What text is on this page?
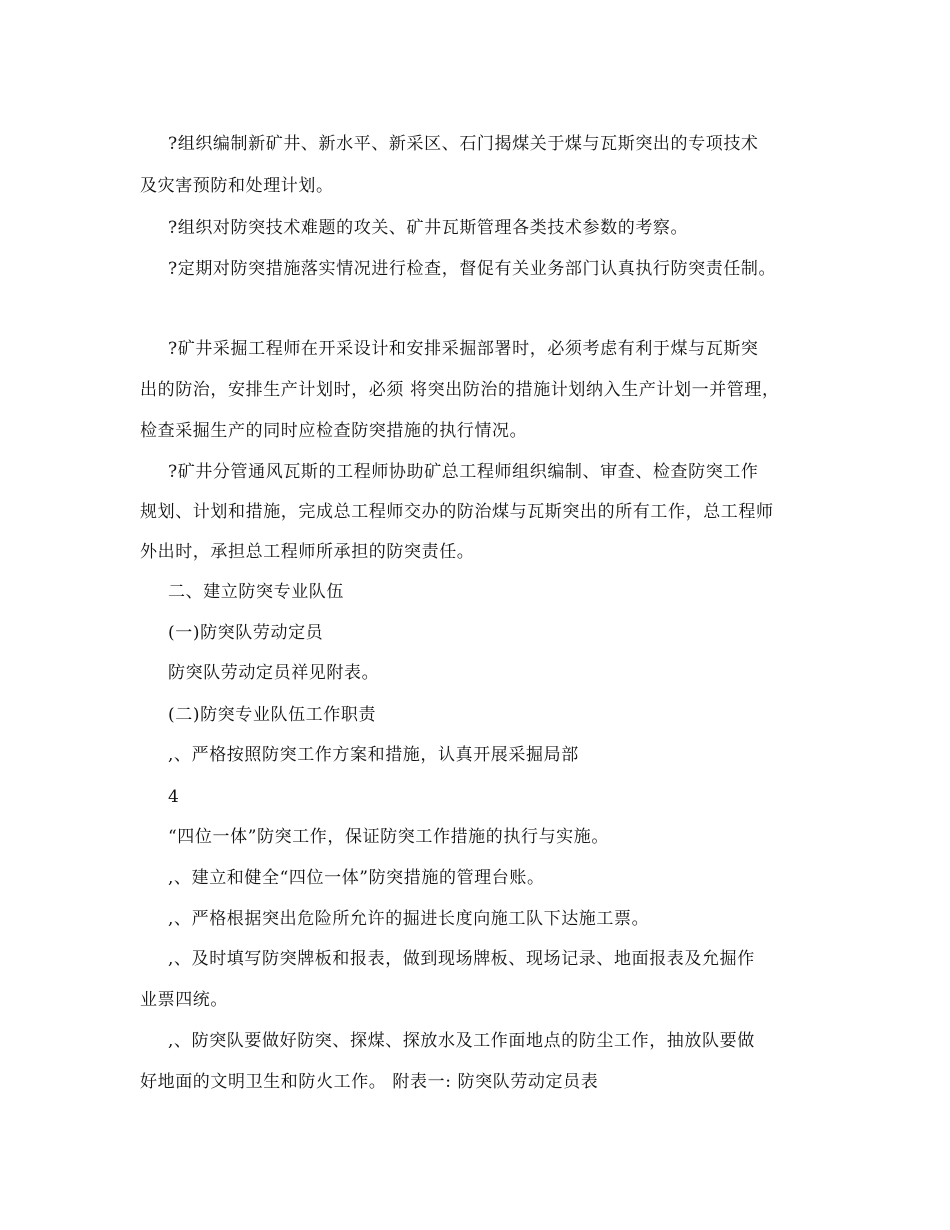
?组织编制新矿井、新水平、新采区、石门揭煤关于煤与瓦斯突出的专项技术
及灾害预防和处理计划。
?组织对防突技术难题的攻关、矿井瓦斯管理各类技术参数的考察。
?定期对防突措施落实情况进行检查，督促有关业务部门认真执行防突责任制。
?矿井采掘工程师在开采设计和安排采掘部署时，必须考虑有利于煤与瓦斯突
出的防治，安排生产计划时，必须 将突出防治的措施计划纳入生产计划一并管理，
检查采掘生产的同时应检查防突措施的执行情况。
?矿井分管通风瓦斯的工程师协助矿总工程师组织编制、审查、检查防突工作
规划、计划和措施，完成总工程师交办的防治煤与瓦斯突出的所有工作，总工程师
外出时，承担总工程师所承担的防突责任。
二、建立防突专业队伍
(一)防突队劳动定员
防突队劳动定员祥见附表。
(二)防突专业队伍工作职责
,、严格按照防突工作方案和措施，认真开展采掘局部
4
“四位一体”防突工作，保证防突工作措施的执行与实施。
,、建立和健全“四位一体”防突措施的管理台账。
,、严格根据突出危险所允许的掘进长度向施工队下达施工票。
,、及时填写防突牌板和报表，做到现场牌板、现场记录、地面报表及允掘作
业票四统。
,、防突队要做好防突、探煤、探放水及工作面地点的防尘工作，抽放队要做
好地面的文明卫生和防火工作。 附表一: 防突队劳动定员表
